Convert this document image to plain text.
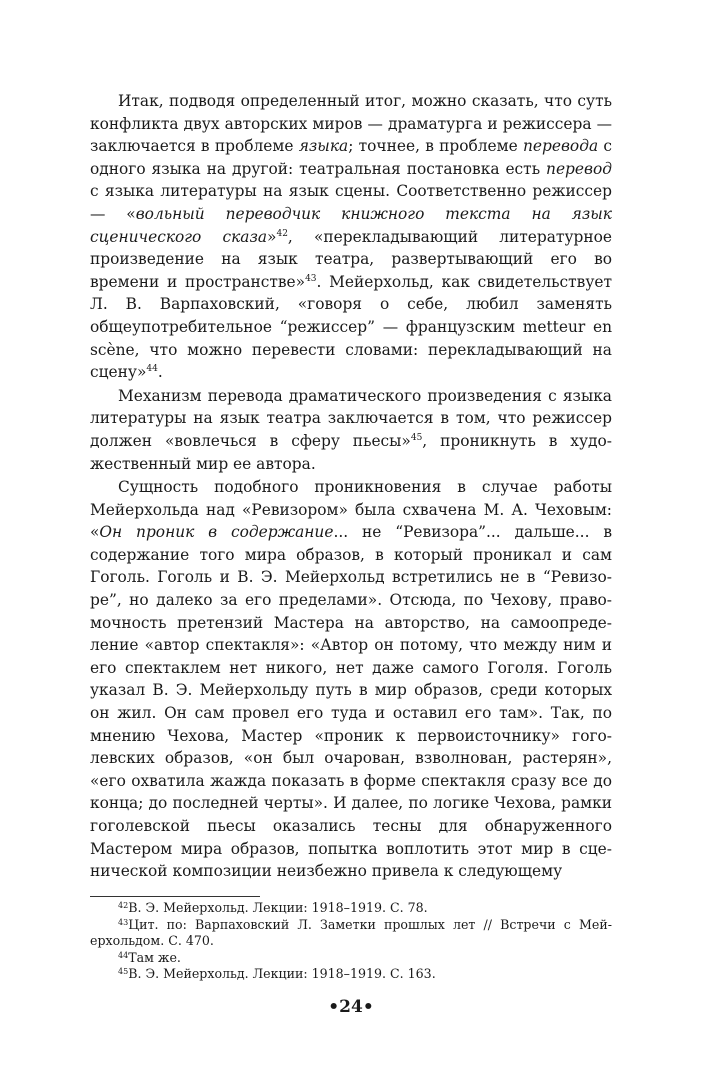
Итак, подводя определенный итог, можно сказать, что суть конфликта двух авторских миров — драматурга и режиссера — заключается в проблеме языка; точнее, в проблеме перевода с одного языка на другой: театральная постановка есть перевод с языка литературы на язык сцены. Соответственно режиссер — «вольный переводчик книжного текста на язык сценического сказа»$^{42}$, «перекладывающий литературное произведение на язык театра, развертывающий его во времени и пространстве»$^{43}$. Мейерхольд, как свидетельствует Л. В. Варпаховский, «говоря о себе, любил заменять общеупотребительное “режиссер” — французским metteur en scène, что можно перевести словами: перекладывающий на сцену»$^{44}$.

Механизм перевода драматического произведения с языка литературы на язык театра заключается в том, что режиссер должен «вовлечься в сферу пьесы»$^{45}$, проникнуть в художественный мир ее автора.

Сущность подобного проникновения в случае работы Мейерхольда над «Ревизором» была схвачена М. А. Чеховым: «Он проник в содержание... не “Ревизора”... дальше... в содержание того мира образов, в который проникал и сам Гоголь. Гоголь и В. Э. Мейерхольд встретились не в “Ревизоре”, но далеко за его пределами». Отсюда, по Чехову, правомочность претензий Мастера на авторство, на самоопределение «автор спектакля»: «Автор он потому, что между ним и его спектаклем нет никого, нет даже самого Гоголя. Гоголь указал В. Э. Мейерхольду путь в мир образов, среди которых он жил. Он сам провел его туда и оставил его там». Так, по мнению Чехова, Мастер «проник к первоисточнику» гоголевских образов, «он был очарован, взволнован, растерян», «его охватила жажда показать в форме спектакля сразу все до конца; до последней черты». И далее, по логике Чехова, рамки гоголевской пьесы оказались тесны для обнаруженного Мастером мира образов, попытка воплотить этот мир в сценической композиции неизбежно привела к следующему

$^{42}$В. Э. Мейерхольд. Лекции: 1918–1919. С. 78.

$^{43}$Цит. по: Варпаховский Л. Заметки прошлых лет // Встречи с Мейерхольдом. С. 470.

$^{44}$Там же.

$^{45}$В. Э. Мейерхольд. Лекции: 1918–1919. С. 163.

•24•
